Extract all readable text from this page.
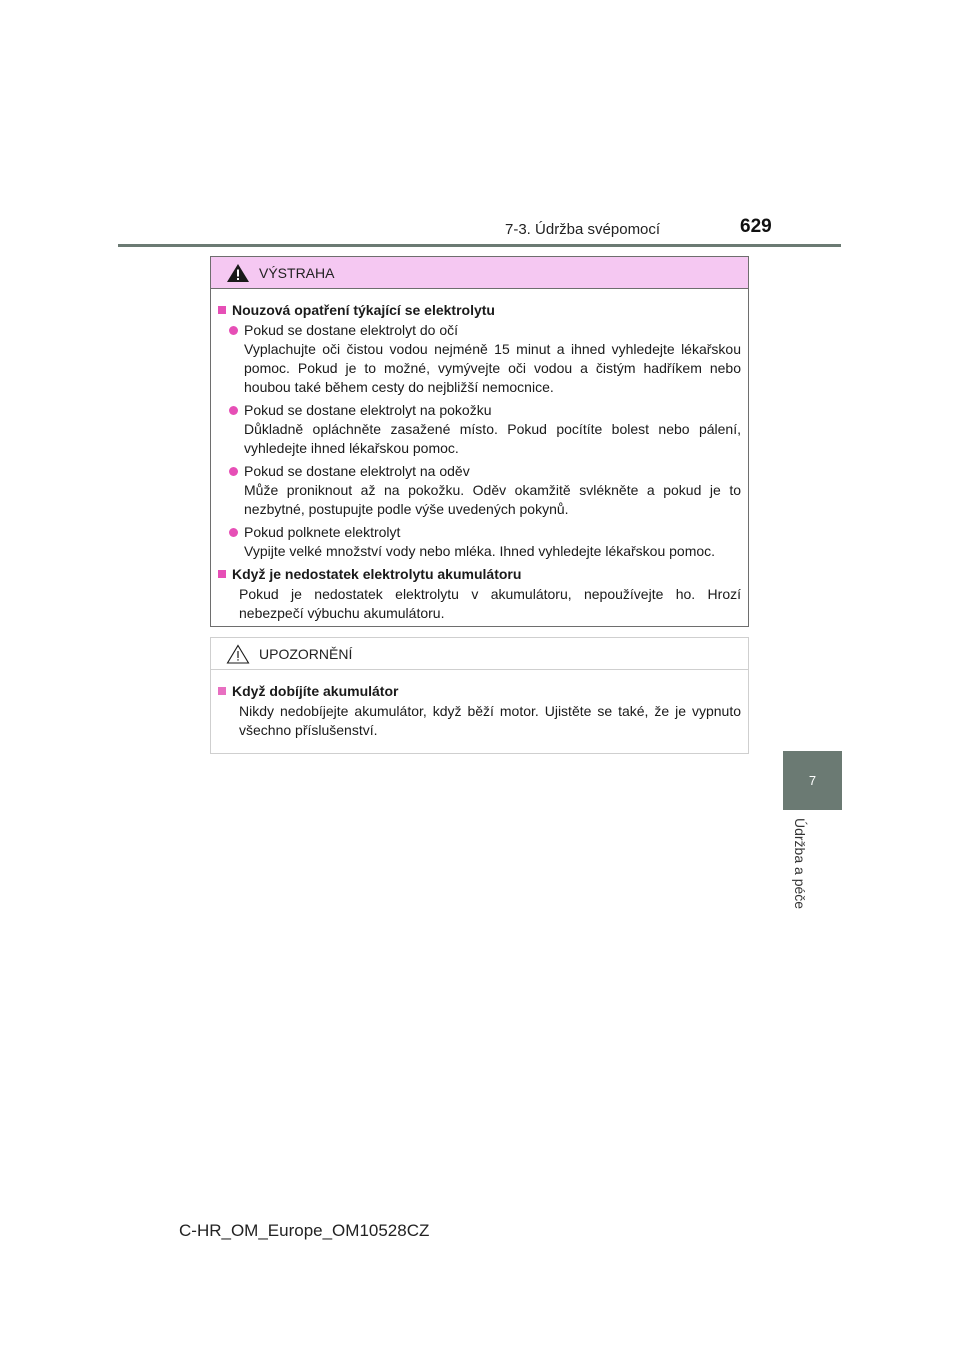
7-3. Údržba svépomocí	629
7
Údržba a péče
VÝSTRAHA
Nouzová opatření týkající se elektrolytu
Pokud se dostane elektrolyt do očí
Vyplachujte oči čistou vodou nejméně 15 minut a ihned vyhledejte lékařskou pomoc. Pokud je to možné, vymývejte oči vodou a čistým hadříkem nebo houbou také během cesty do nejbližší nemocnice.
Pokud se dostane elektrolyt na pokožku
Důkladně opláchněte zasažené místo. Pokud pocítíte bolest nebo pálení, vyhledejte ihned lékařskou pomoc.
Pokud se dostane elektrolyt na oděv
Může proniknout až na pokožku. Oděv okamžitě svlékněte a pokud je to nezbytné, postupujte podle výše uvedených pokynů.
Pokud polknete elektrolyt
Vypijte velké množství vody nebo mléka. Ihned vyhledejte lékařskou pomoc.
Když je nedostatek elektrolytu akumulátoru
Pokud je nedostatek elektrolytu v akumulátoru, nepoužívejte ho. Hrozí nebezpečí výbuchu akumulátoru.
UPOZORNĚNÍ
Když dobíjíte akumulátor
Nikdy nedobíjejte akumulátor, když běží motor. Ujistěte se také, že je vypnuto všechno příslušenství.
C-HR_OM_Europe_OM10528CZ
